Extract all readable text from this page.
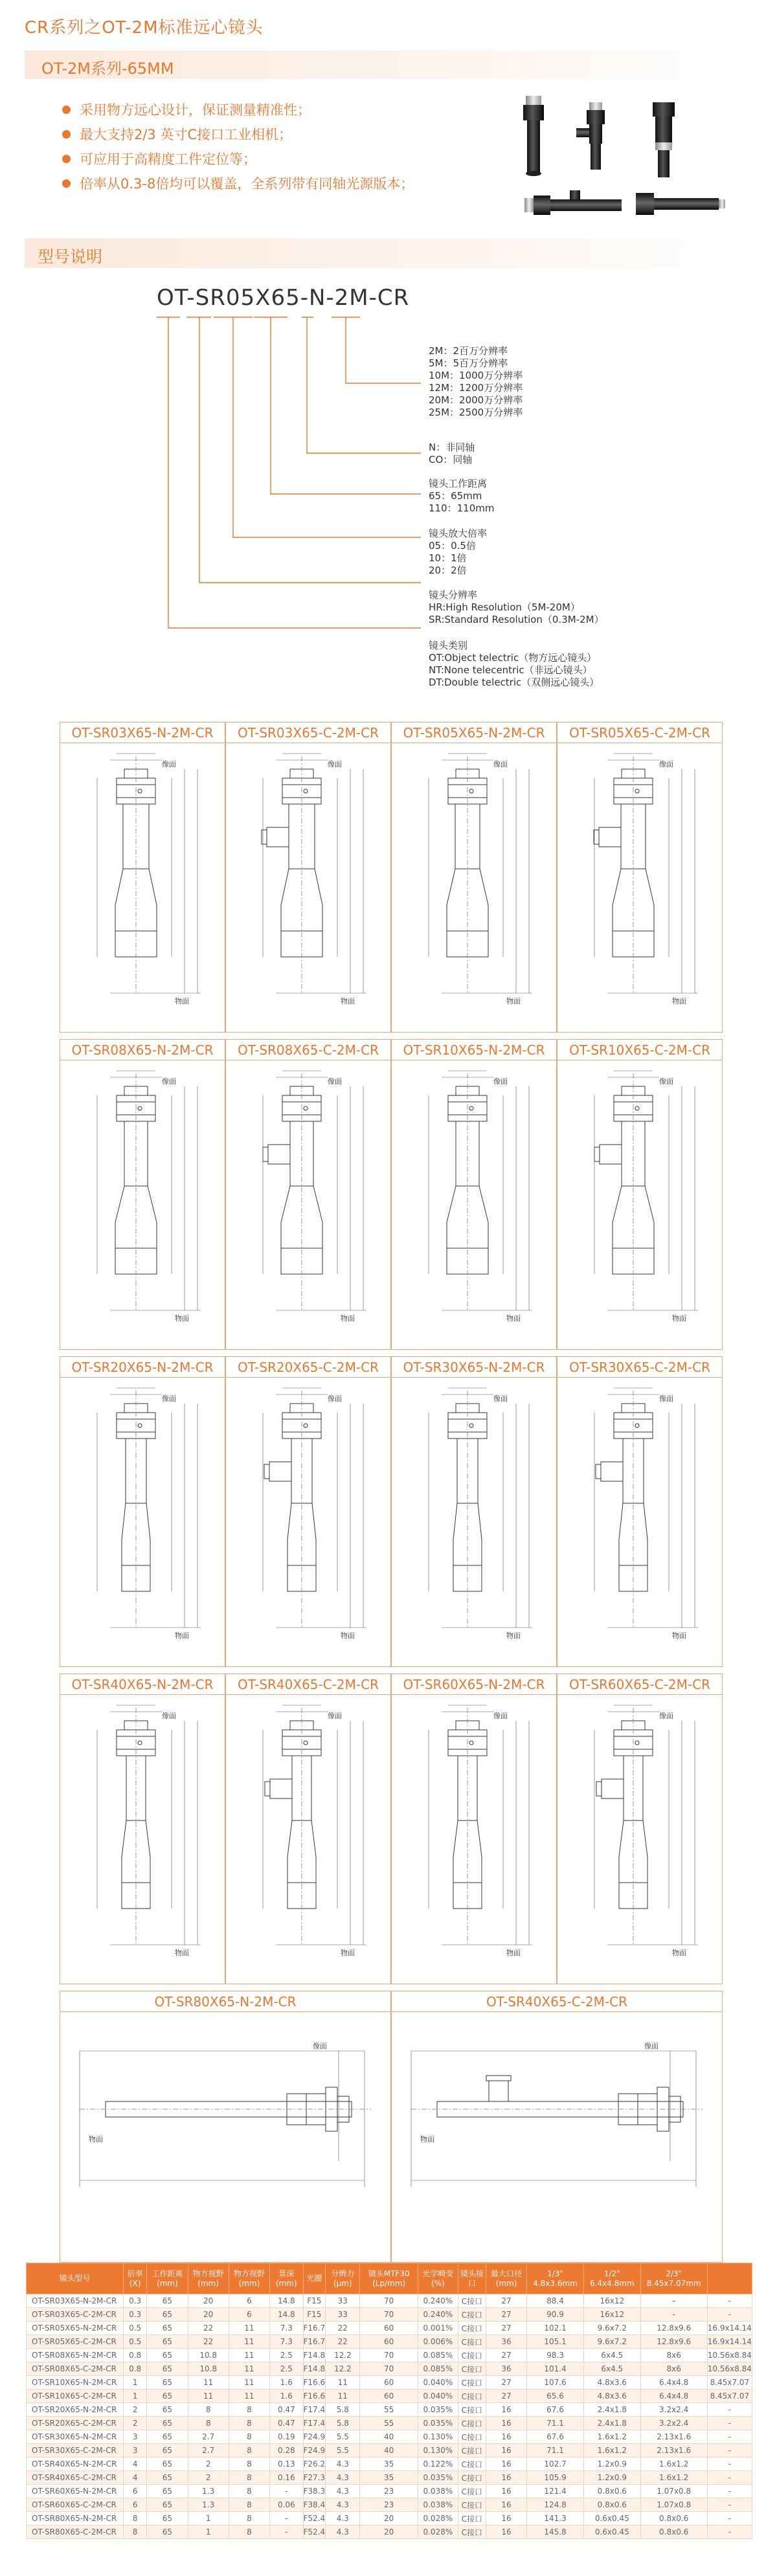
CR系列之OT-2M标准远心镜头
OT-2M系列-65MM
采用物方远心设计，保证测量精准性；
最大支持2/3 英寸C接口工业相机；
可应用于高精度工件定位等；
倍率从0.3-8倍均可以覆盖，全系列带有同轴光源版本；
型号说明
OT-SR05X65-N-2M-CR
2M：2百万分辨率
5M：5百万分辨率
10M：1000万分辨率
12M：1200万分辨率
20M：2000万分辨率
25M：2500万分辨率
N：非同轴
CO：同轴
镜头工作距离
65：65mm
110：110mm
镜头放大倍率
05：0.5倍
10：1倍
20：2倍
镜头分辨率
HR:High Resolution（5M-20M）
SR:Standard Resolution（0.3M-2M）
镜头类别
OT:Object telectric（物方远心镜头）
NT:None telecentric（非远心镜头）
DT:Double telectric（双侧远心镜头）
OT-SR03X65-N-2M-CR
像面
物面
OT-SR03X65-C-2M-CR
像面
物面
OT-SR05X65-N-2M-CR
像面
物面
OT-SR05X65-C-2M-CR
像面
物面
OT-SR08X65-N-2M-CR
像面
物面
OT-SR08X65-C-2M-CR
像面
物面
OT-SR10X65-N-2M-CR
像面
物面
OT-SR10X65-C-2M-CR
像面
物面
OT-SR20X65-N-2M-CR
像面
物面
OT-SR20X65-C-2M-CR
像面
物面
OT-SR30X65-N-2M-CR
像面
物面
OT-SR30X65-C-2M-CR
像面
物面
OT-SR40X65-N-2M-CR
像面
物面
OT-SR40X65-C-2M-CR
像面
物面
OT-SR60X65-N-2M-CR
像面
物面
OT-SR60X65-C-2M-CR
像面
物面
OT-SR80X65-N-2M-CR
像面
物面
OT-SR40X65-C-2M-CR
像面
物面
镜头型号	倍率 (X)	工作距离 (mm)	物方视野 (mm)	物方视野 (mm)	景深 (mm)	光圈	分辨力 (μm)	镜头MTF30 (Lp/mm)	光学畸变 (%)	镜头接口	最大口径 (mm)	1/3" 4.8x3.6mm	1/2" 6.4x4.8mm	2/3" 8.45x7.07mm	
OT-SR03X65-N-2M-CR	0.3	65	20	6	14.8	F15	33	70	0.240%	C接口	27	88.4	16x12	-	-
OT-SR03X65-C-2M-CR	0.3	65	20	6	14.8	F15	33	70	0.240%	C接口	27	90.9	16x12	-	-
OT-SR05X65-N-2M-CR	0.5	65	22	11	7.3	F16.7	22	60	0.001%	C接口	27	102.1	9.6x7.2	12.8x9.6	16.9x14.14
OT-SR05X65-C-2M-CR	0.5	65	22	11	7.3	F16.7	22	60	0.006%	C接口	36	105.1	9.6x7.2	12.8x9.6	16.9x14.14
OT-SR08X65-N-2M-CR	0.8	65	10.8	11	2.5	F14.8	12.2	70	0.085%	C接口	27	98.3	6x4.5	8x6	10.56x8.84
OT-SR08X65-C-2M-CR	0.8	65	10.8	11	2.5	F14.8	12.2	70	0.085%	C接口	36	101.4	6x4.5	8x6	10.56x8.84
OT-SR10X65-N-2M-CR	1	65	11	11	1.6	F16.6	11	60	0.040%	C接口	27	107.6	4.8x3.6	6.4x4.8	8.45x7.07
OT-SR10X65-C-2M-CR	1	65	11	11	1.6	F16.6	11	60	0.040%	C接口	27	65.6	4.8x3.6	6.4x4.8	8.45x7.07
OT-SR20X65-N-2M-CR	2	65	8	8	0.47	F17.4	5.8	55	0.035%	C接口	16	67.6	2.4x1.8	3.2x2.4	-
OT-SR20X65-C-2M-CR	2	65	8	8	0.47	F17.4	5.8	55	0.035%	C接口	16	71.1	2.4x1.8	3.2x2.4	-
OT-SR30X65-N-2M-CR	3	65	2.7	8	0.19	F24.9	5.5	40	0.130%	C接口	16	67.6	1.6x1.2	2.13x1.6	-
OT-SR30X65-C-2M-CR	3	65	2.7	8	0.28	F24.9	5.5	40	0.130%	C接口	16	71.1	1.6x1.2	2.13x1.6	-
OT-SR40X65-N-2M-CR	4	65	2	8	0.13	F26.2	4.3	35	0.122%	C接口	16	102.7	1.2x0.9	1.6x1.2	-
OT-SR40X65-C-2M-CR	4	65	2	8	0.16	F27.3	4.3	35	0.035%	C接口	16	105.9	1.2x0.9	1.6x1.2	-
OT-SR60X65-N-2M-CR	6	65	1.3	8	-	F38.3	4.3	23	0.038%	C接口	16	121.4	0.8x0.6	1.07x0.8	-
OT-SR60X65-C-2M-CR	6	65	1.3	8	0.06	F38.4	4.3	23	0.038%	C接口	16	124.8	0.8x0.6	1.07x0.8	-
OT-SR80X65-N-2M-CR	8	65	1	8	-	F52.4	4.3	20	0.028%	C接口	16	141.3	0.6x0.45	0.8x0.6	-
OT-SR80X65-C-2M-CR	8	65	1	8	-	F52.4	4.3	20	0.028%	C接口	16	145.8	0.6x0.45	0.8x0.6	-
